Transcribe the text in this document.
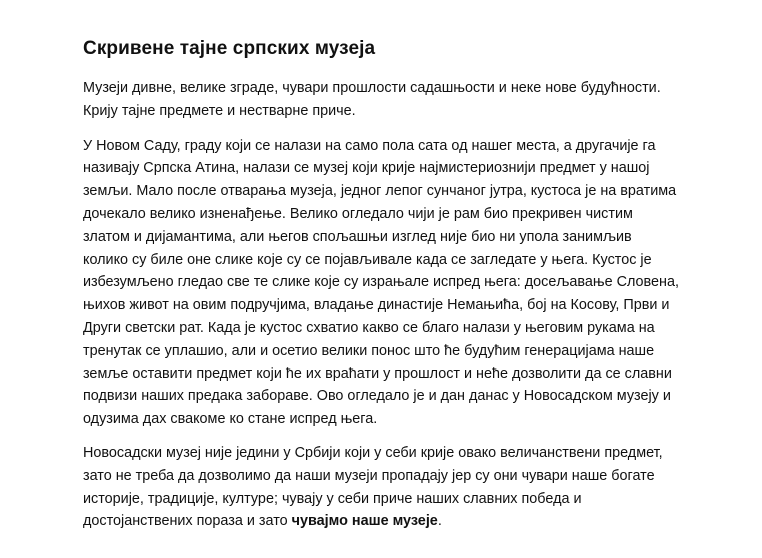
Скривене тајне српских музеја

Музеји дивне, велике зграде, чувари прошлости садашњости и неке нове будућности.
Крију тајне предмете и нестварне приче.

У Новом Саду, граду који се налази на само пола сата од нашег места, а другачије га
називају Српска Атина, налази се музеј који крије најмистериознији предмет у нашој
земљи. Мало после отварања музеја, једног лепог сунчаног јутра, кустоса је на вратима
дочекало велико изненађење. Велико огледало чији је рам био прекривен чистим
златом и дијамантима, али његов спољашњи изглед није био ни упола занимљив
колико су биле оне слике које су се појављивале када се загледате у њега. Кустос је
избезумљено гледао све те слике које су израњале испред њега: досељавање Словена,
њихов живот на овим подручјима, владање династије Немањића, бој на Косову, Први и
Други светски рат. Када је кустос схватио какво се благо налази у његовим рукама на
тренутак се уплашио, али и осетио велики понос што ће будућим генерацијама наше
земље оставити предмет који ће их враћати у прошлост и неће дозволити да се славни
подвизи наших предака забораве. Ово огледало је и дан данас у Новосадском музеју и
одузима дах свакоме ко стане испред њега.

Новосадски музеј није једини у Србији који у себи крије овако величанствени предмет,
зато не треба да дозволимо да наши музеји пропадају јер су они чувари наше богате
историје, традиције, културе; чувају у себи приче наших славних победа и
достојанствених пораза и зато чувајмо наше музеје.
